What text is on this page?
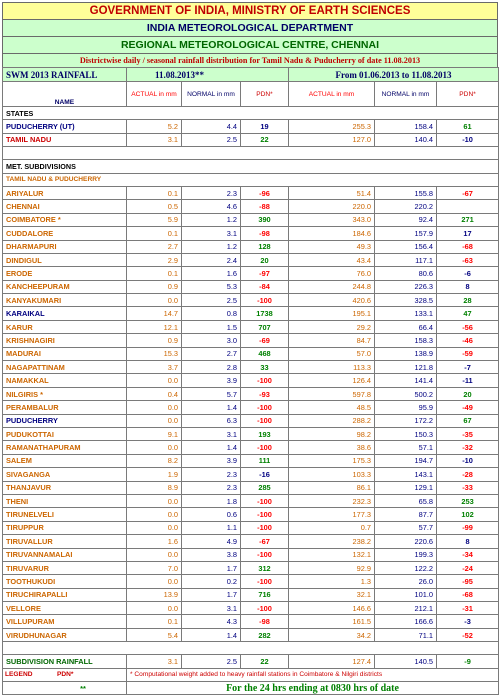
GOVERNMENT OF INDIA, MINISTRY OF EARTH SCIENCES
INDIA METEOROLOGICAL DEPARTMENT
REGIONAL METEOROLOGICAL CENTRE, CHENNAI
Districtwise daily / seasonal rainfall distribution for Tamil Nadu & Puducherry of date 11.08.2013
SWM 2013 RAINFALL	11.08.2013**			From 01.06.2013 to 11.08.2013		
NAME	ACTUAL in mm	NORMAL in mm	PDN*	ACTUAL in mm	NORMAL in mm	PDN*
STATES						
PUDUCHERRY (UT)	5.2	4.4	19	255.3	158.4	61
TAMIL NADU	3.1	2.5	22	127.0	140.4	-10

MET. SUBDIVISIONS						
TAMIL NADU & PUDUCHERRY						
ARIYALUR	0.1	2.3	-96	51.4	155.8	-67
CHENNAI	0.5	4.6	-88	220.0	220.2	
COIMBATORE *	5.9	1.2	390	343.0	92.4	271
CUDDALORE	0.1	3.1	-98	184.6	157.9	17
DHARMAPURI	2.7	1.2	128	49.3	156.4	-68
DINDIGUL	2.9	2.4	20	43.4	117.1	-63
ERODE	0.1	1.6	-97	76.0	80.6	-6
KANCHEEPURAM	0.9	5.3	-84	244.8	226.3	8
KANYAKUMARI	0.0	2.5	-100	420.6	328.5	28
KARAIKAL	14.7	0.8	1738	195.1	133.1	47
KARUR	12.1	1.5	707	29.2	66.4	-56
KRISHNAGIRI	0.9	3.0	-69	84.7	158.3	-46
MADURAI	15.3	2.7	468	57.0	138.9	-59
NAGAPATTINAM	3.7	2.8	33	113.3	121.8	-7
NAMAKKAL	0.0	3.9	-100	126.4	141.4	-11
NILGIRIS *	0.4	5.7	-93	597.8	500.2	20
PERAMBALUR	0.0	1.4	-100	48.5	95.9	-49
PUDUCHERRY	0.0	6.3	-100	288.2	172.2	67
PUDUKOTTAI	9.1	3.1	193	98.2	150.3	-35
RAMANATHAPURAM	0.0	1.4	-100	38.6	57.1	-32
SALEM	8.2	3.9	111	175.3	194.7	-10
SIVAGANGA	1.9	2.3	-16	103.3	143.1	-28
THANJAVUR	8.9	2.3	285	86.1	129.1	-33
THENI	0.0	1.8	-100	232.3	65.8	253
TIRUNELVELI	0.0	0.6	-100	177.3	87.7	102
TIRUPPUR	0.0	1.1	-100	0.7	57.7	-99
TIRUVALLUR	1.6	4.9	-67	238.2	220.6	8
TIRUVANNAMALAI	0.0	3.8	-100	132.1	199.3	-34
TIRUVARUR	7.0	1.7	312	92.9	122.2	-24
TOOTHUKUDI	0.0	0.2	-100	1.3	26.0	-95
TIRUCHIRAPALLI	13.9	1.7	716	32.1	101.0	-68
VELLORE	0.0	3.1	-100	146.6	212.1	-31
VILLUPURAM	0.1	4.3	-98	161.5	166.6	-3
VIRUDHUNAGAR	5.4	1.4	282	34.2	71.1	-52

SUBDIVISION RAINFALL	3.1	2.5	22	127.4	140.5	-9
LEGEND PDN*	* Computational weight added to heavy rainfall stations in Coimbatore & Nilgiri districts					
**	For the 24 hrs ending at 0830 hrs of date					
